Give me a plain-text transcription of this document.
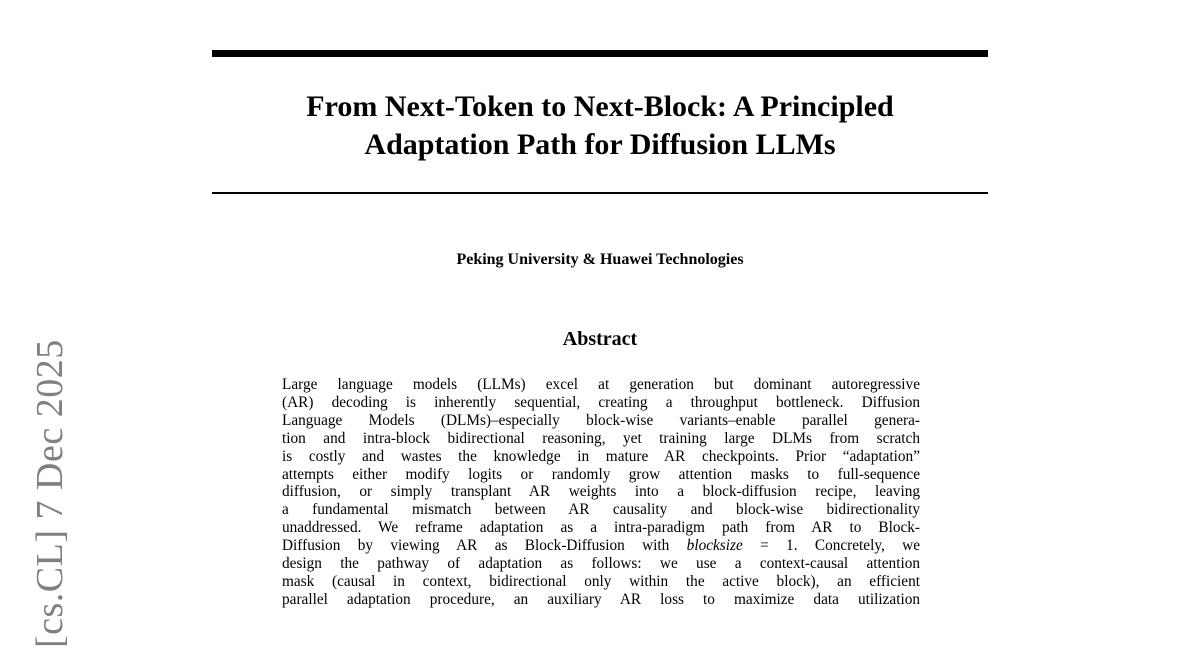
From Next-Token to Next-Block: A Principled
Adaptation Path for Diffusion LLMs
Peking University & Huawei Technologies
Abstract
Large language models (LLMs) excel at generation but dominant autoregressive
(AR) decoding is inherently sequential, creating a throughput bottleneck. Diffusion
Language Models (DLMs)–especially block-wise variants–enable parallel genera-
tion and intra-block bidirectional reasoning, yet training large DLMs from scratch
is costly and wastes the knowledge in mature AR checkpoints. Prior “adaptation”
attempts either modify logits or randomly grow attention masks to full-sequence
diffusion, or simply transplant AR weights into a block-diffusion recipe, leaving
a fundamental mismatch between AR causality and block-wise bidirectionality
unaddressed. We reframe adaptation as a intra-paradigm path from AR to Block-
Diffusion by viewing AR as Block-Diffusion with blocksize = 1. Concretely, we
design the pathway of adaptation as follows: we use a context-causal attention
mask (causal in context, bidirectional only within the active block), an efficient
parallel adaptation procedure, an auxiliary AR loss to maximize data utilization
[cs.CL] 7 Dec 2025
